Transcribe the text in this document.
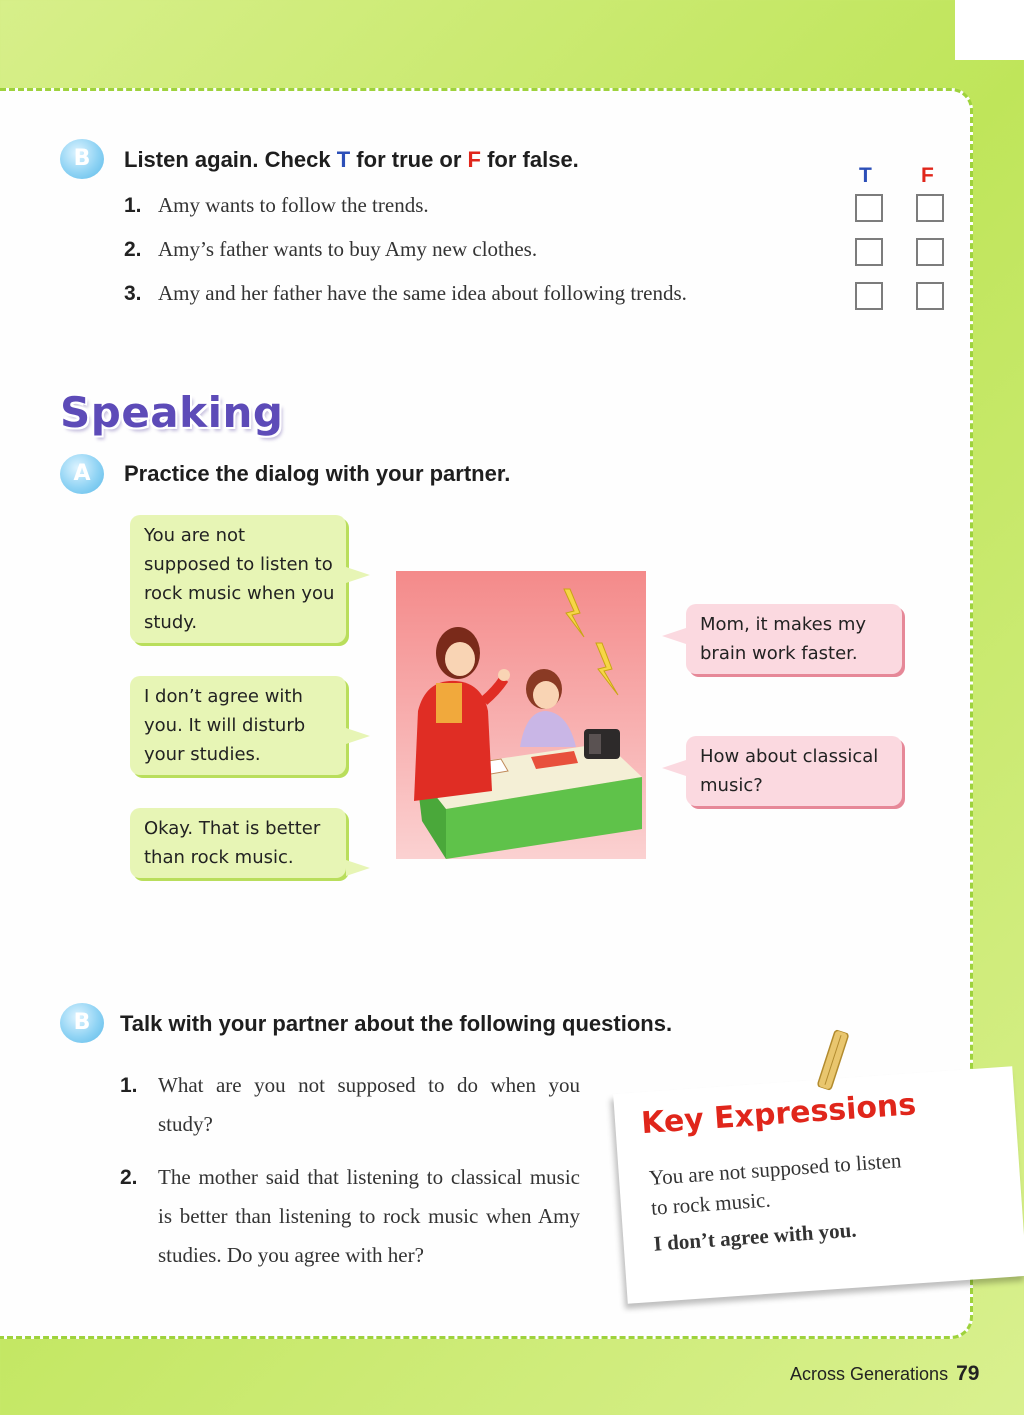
B	Listen again. Check T for true or F for false.
T F
1. Amy wants to follow the trends.
2. Amy’s father wants to buy Amy new clothes.
3. Amy and her father have the same idea about following trends.
Speaking
A	Practice the dialog with your partner.
You are not supposed to listen to rock music when you study.
I don’t agree with you. It will disturb your studies.
Okay. That is better than rock music.
Mom, it makes my brain work faster.
How about classical music?
B	Talk with your partner about the following questions.
1. What are you not supposed to do when you study?
2. The mother said that listening to classical music is better than listening to rock music when Amy studies. Do you agree with her?
Key Expressions
You are not supposed to listen
to rock music.
I don’t agree with you.
Across Generations 79
